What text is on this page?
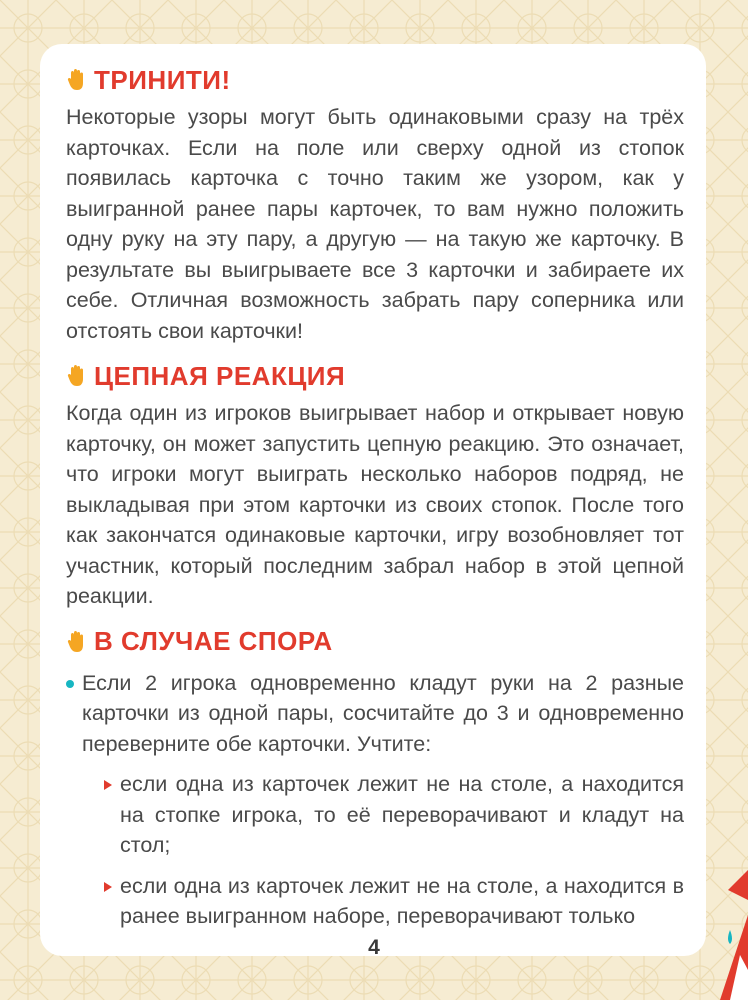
ТРИНИТИ!

Некоторые узоры могут быть одинаковыми сразу на трёх карточках. Если на поле или сверху одной из стопок появилась карточка с точно таким же узором, как у выигранной ранее пары карточек, то вам нужно положить одну руку на эту пару, а другую — на такую же карточку. В результате вы выигрываете все 3 карточки и забираете их себе. Отличная возможность забрать пару соперника или отстоять свои карточки!

ЦЕПНАЯ РЕАКЦИЯ

Когда один из игроков выигрывает набор и открывает новую карточку, он может запустить цепную реакцию. Это означает, что игроки могут выиграть несколько наборов подряд, не выкладывая при этом карточки из своих стопок. После того как закончатся одинаковые карточки, игру возобновляет тот участник, который последним забрал набор в этой цепной реакции.

В СЛУЧАЕ СПОРА
Если 2 игрока одновременно кладут руки на 2 разные карточки из одной пары, сосчитайте до 3 и одновременно переверните обе карточки. Учтите:
если одна из карточек лежит не на столе, а находится на стопке игрока, то её переворачивают и кладут на стол;
если одна из карточек лежит не на столе, а находится в ранее выигранном наборе, переворачивают только
4
